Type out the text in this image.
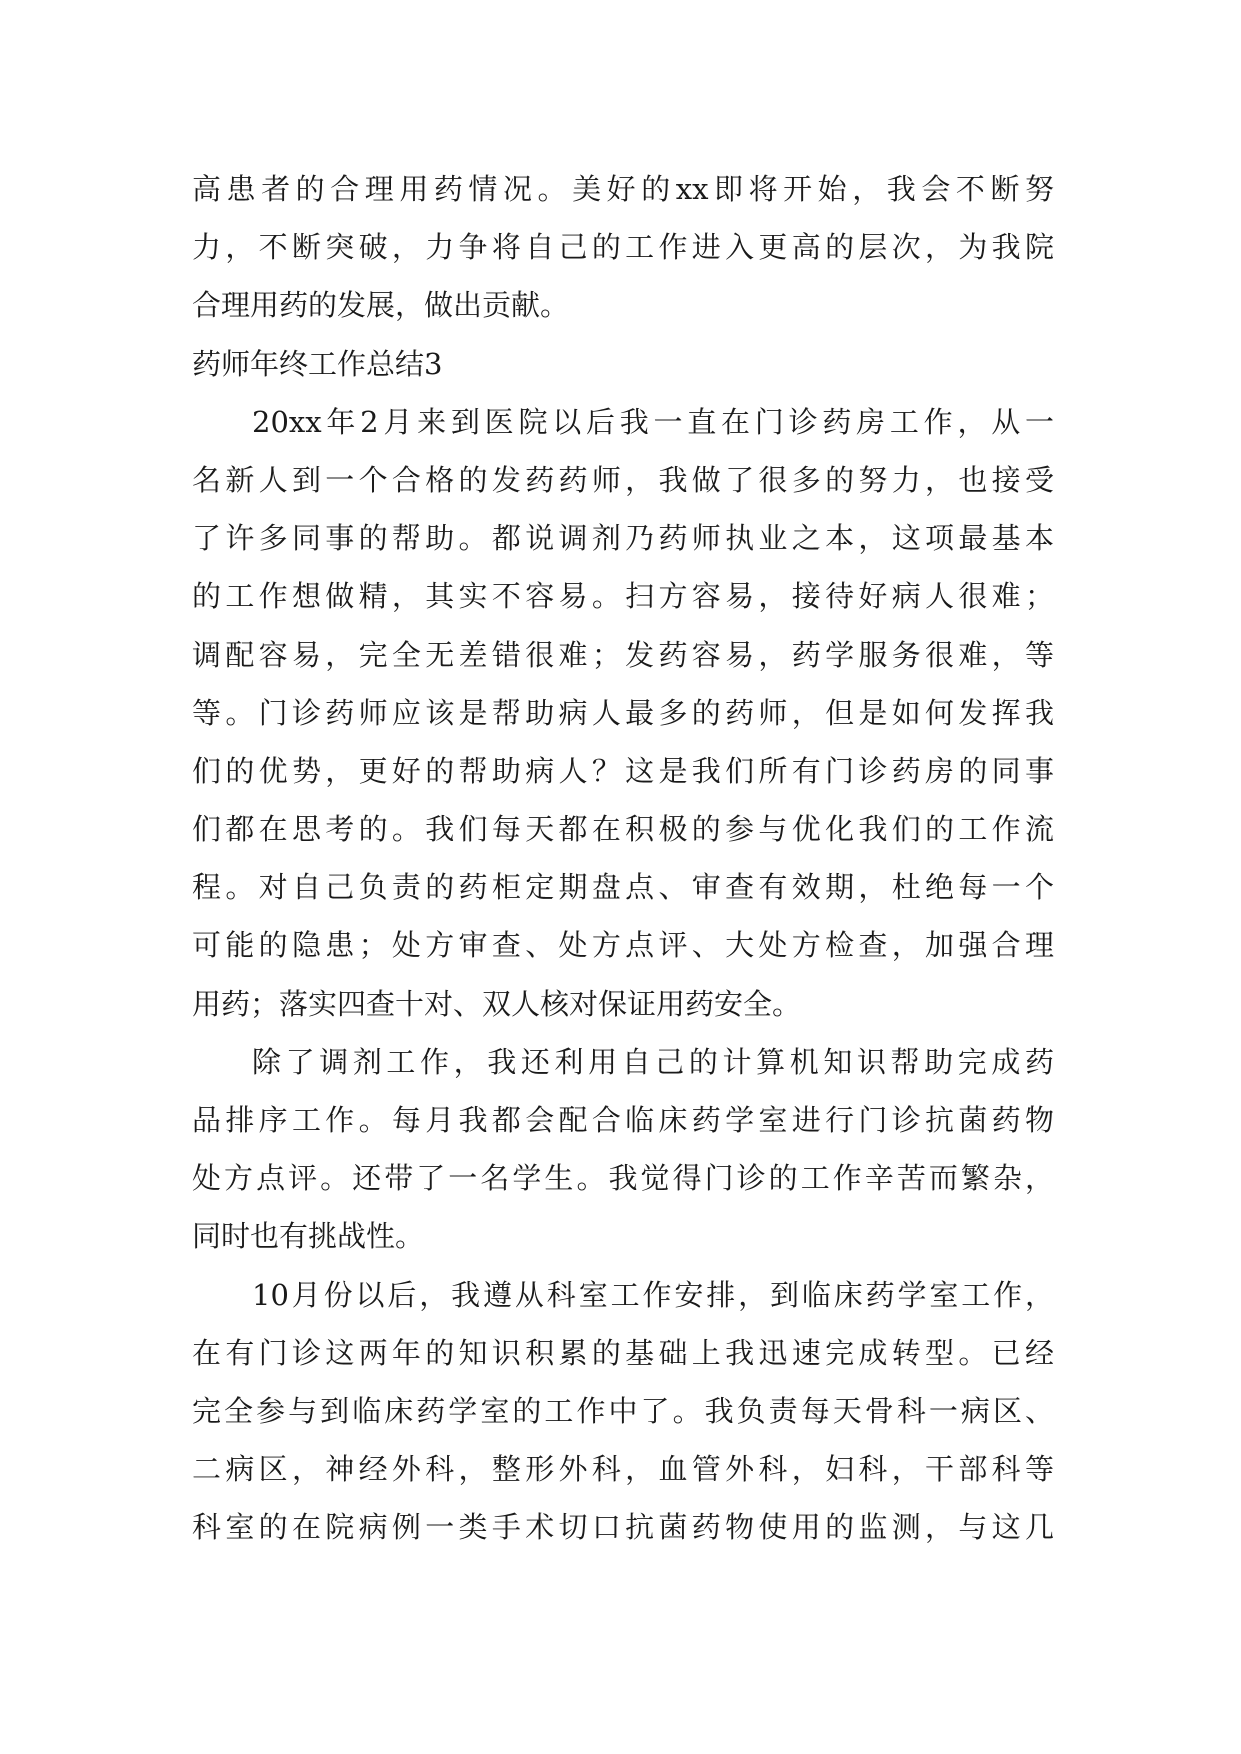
高患者的合理用药情况。美好的xx即将开始，我会不断努
力，不断突破，力争将自己的工作进入更高的层次，为我院
合理用药的发展，做出贡献。
药师年终工作总结3
20xx年2月来到医院以后我一直在门诊药房工作，从一
名新人到一个合格的发药药师，我做了很多的努力，也接受
了许多同事的帮助。都说调剂乃药师执业之本，这项最基本
的工作想做精，其实不容易。扫方容易，接待好病人很难；
调配容易，完全无差错很难；发药容易，药学服务很难，等
等。门诊药师应该是帮助病人最多的药师，但是如何发挥我
们的优势，更好的帮助病人？这是我们所有门诊药房的同事
们都在思考的。我们每天都在积极的参与优化我们的工作流
程。对自己负责的药柜定期盘点、审查有效期，杜绝每一个
可能的隐患；处方审查、处方点评、大处方检查，加强合理
用药；落实四查十对、双人核对保证用药安全。
除了调剂工作，我还利用自己的计算机知识帮助完成药
品排序工作。每月我都会配合临床药学室进行门诊抗菌药物
处方点评。还带了一名学生。我觉得门诊的工作辛苦而繁杂，
同时也有挑战性。
10月份以后，我遵从科室工作安排，到临床药学室工作，
在有门诊这两年的知识积累的基础上我迅速完成转型。已经
完全参与到临床药学室的工作中了。我负责每天骨科一病区、
二病区，神经外科，整形外科，血管外科，妇科，干部科等
科室的在院病例一类手术切口抗菌药物使用的监测，与这几
